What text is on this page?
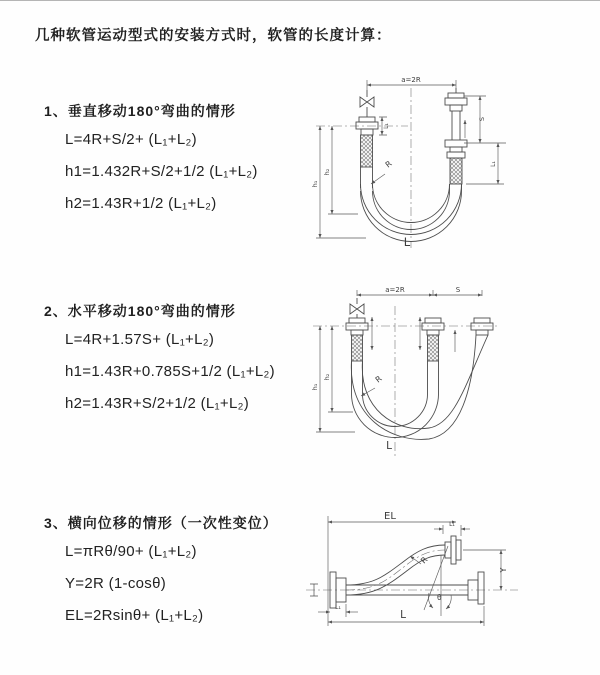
几种软管运动型式的安装方式时，软管的长度计算：
1、垂直移动180°弯曲的情形
L=4R+S/2+ (L₁+L₂)
h1=1.432R+S/2+1/2 (L₁+L₂)
h2=1.43R+1/2 (L₁+L₂)
2、水平移动180°弯曲的情形
L=4R+1.57S+ (L₁+L₂)
h1=1.43R+0.785S+1/2 (L₁+L₂)
h2=1.43R+S/2+1/2 (L₁+L₂)
3、横向位移的情形（一次性变位）
L=πRθ/90+ (L₁+L₂)
Y=2R (1-cosθ)
EL=2Rsinθ+ (L₁+L₂)
a=2R
L₁
h₁
h₂
S
L₁
R
L
a=2R	S
h₁
h₂	R
L
EL
L₁
Y
θ
R
L
L₁
